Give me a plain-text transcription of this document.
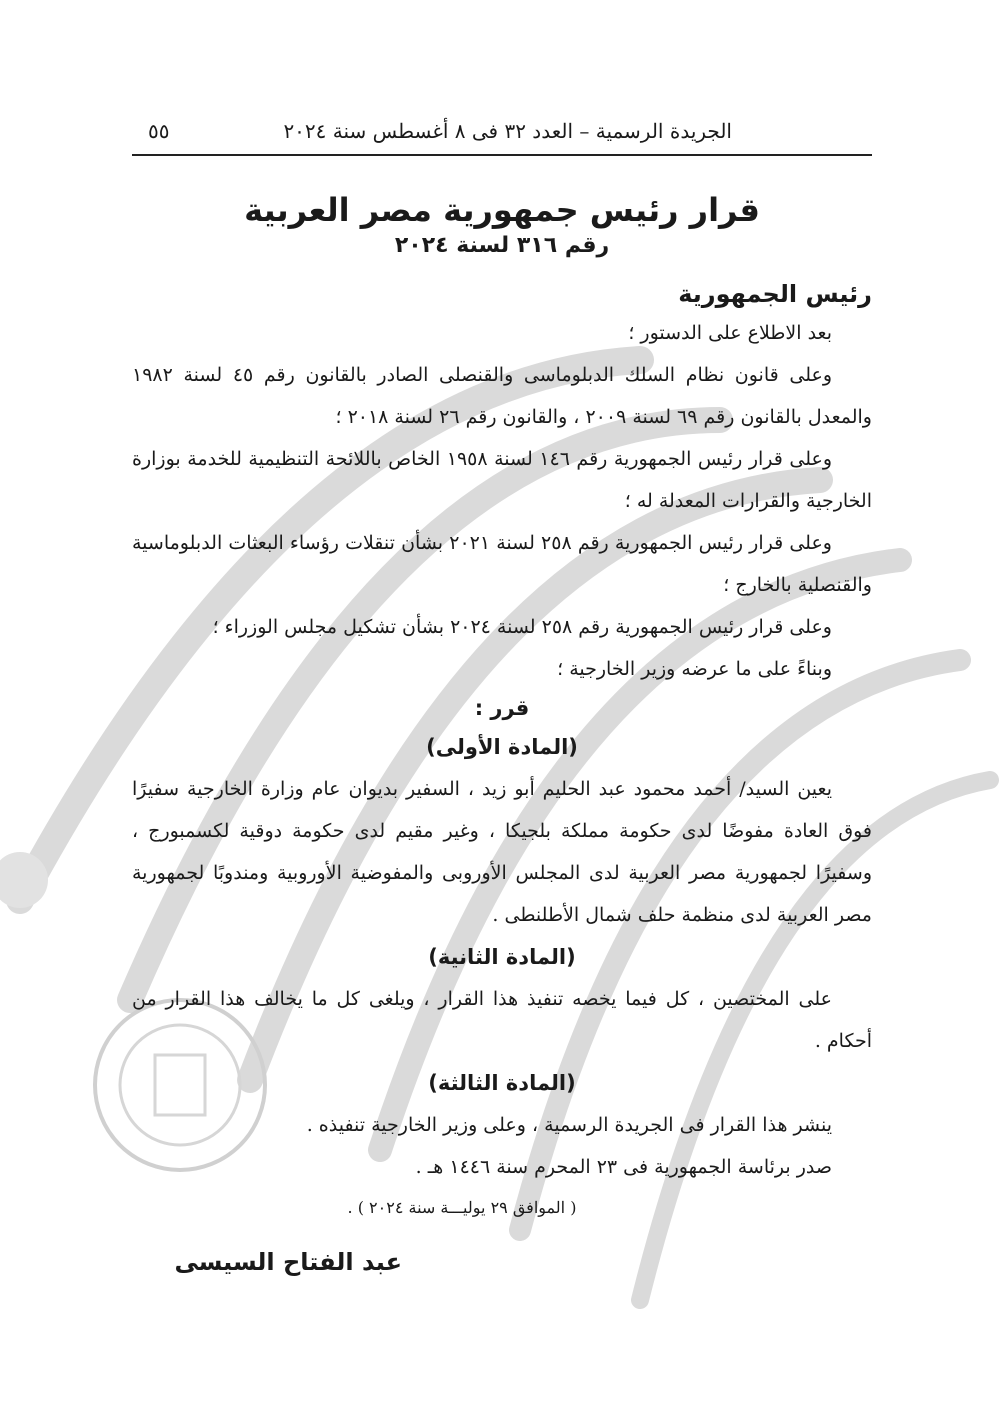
الجريدة الرسمية – العدد ٣٢ فى ٨ أغسطس سنة ٢٠٢٤
٥٥
قرار رئيس جمهورية مصر العربية
رقم ٣١٦ لسنة ٢٠٢٤
رئيس الجمهورية
بعد الاطلاع على الدستور ؛
وعلى قانون نظام السلك الدبلوماسى والقنصلى الصادر بالقانون رقم ٤٥ لسنة ١٩٨٢ والمعدل بالقانون رقم ٦٩ لسنة ٢٠٠٩ ، والقانون رقم ٢٦ لسنة ٢٠١٨ ؛
وعلى قرار رئيس الجمهورية رقم ١٤٦ لسنة ١٩٥٨ الخاص باللائحة التنظيمية للخدمة بوزارة الخارجية والقرارات المعدلة له ؛
وعلى قرار رئيس الجمهورية رقم ٢٥٨ لسنة ٢٠٢١ بشأن تنقلات رؤساء البعثات الدبلوماسية والقنصلية بالخارج ؛
وعلى قرار رئيس الجمهورية رقم ٢٥٨ لسنة ٢٠٢٤ بشأن تشكيل مجلس الوزراء ؛
وبناءً على ما عرضه وزير الخارجية ؛
قرر :
(المادة الأولى)
يعين السيد/ أحمد محمود عبد الحليم أبو زيد ، السفير بديوان عام وزارة الخارجية سفيرًا فوق العادة مفوضًا لدى حكومة مملكة بلجيكا ، وغير مقيم لدى حكومة دوقية لكسمبورج ، وسفيرًا لجمهورية مصر العربية لدى المجلس الأوروبى والمفوضية الأوروبية ومندوبًا لجمهورية مصر العربية لدى منظمة حلف شمال الأطلنطى .
(المادة الثانية)
على المختصين ، كل فيما يخصه تنفيذ هذا القرار ، ويلغى كل ما يخالف هذا القرار من أحكام .
(المادة الثالثة)
ينشر هذا القرار فى الجريدة الرسمية ، وعلى وزير الخارجية تنفيذه .
صدر برئاسة الجمهورية فى ٢٣ المحرم سنة ١٤٤٦ هـ .
( الموافق ٢٩ يوليـــة سنة ٢٠٢٤ ) .
عبد الفتاح السيسى
